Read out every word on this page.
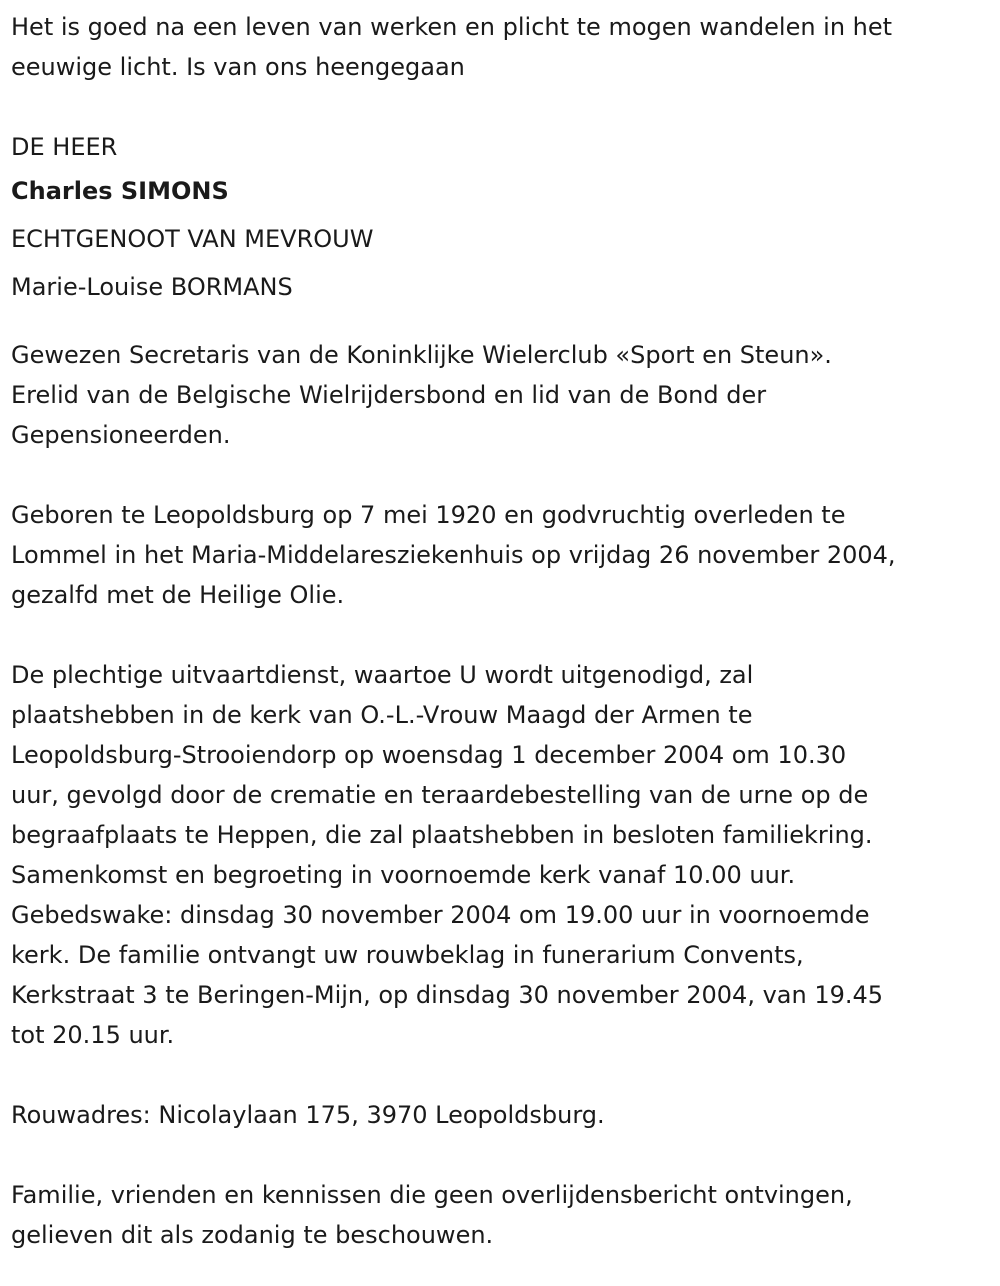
Het is goed na een leven van werken en plicht te mogen wandelen in het
eeuwige licht. Is van ons heengegaan
DE HEER
Charles SIMONS
ECHTGENOOT VAN MEVROUW
Marie-Louise BORMANS
Gewezen Secretaris van de Koninklijke Wielerclub «Sport en Steun».
Erelid van de Belgische Wielrijdersbond en lid van de Bond der
Gepensioneerden.
Geboren te Leopoldsburg op 7 mei 1920 en godvruchtig overleden te
Lommel in het Maria-Middelaresziekenhuis op vrijdag 26 november 2004,
gezalfd met de Heilige Olie.
De plechtige uitvaartdienst, waartoe U wordt uitgenodigd, zal
plaatshebben in de kerk van O.-L.-Vrouw Maagd der Armen te
Leopoldsburg-Strooiendorp op woensdag 1 december 2004 om 10.30
uur, gevolgd door de crematie en teraardebestelling van de urne op de
begraafplaats te Heppen, die zal plaatshebben in besloten familiekring.
Samenkomst en begroeting in voornoemde kerk vanaf 10.00 uur.
Gebedswake: dinsdag 30 november 2004 om 19.00 uur in voornoemde
kerk. De familie ontvangt uw rouwbeklag in funerarium Convents,
Kerkstraat 3 te Beringen-Mijn, op dinsdag 30 november 2004, van 19.45
tot 20.15 uur.
Rouwadres: Nicolaylaan 175, 3970 Leopoldsburg.
Familie, vrienden en kennissen die geen overlijdensbericht ontvingen,
gelieven dit als zodanig te beschouwen.
